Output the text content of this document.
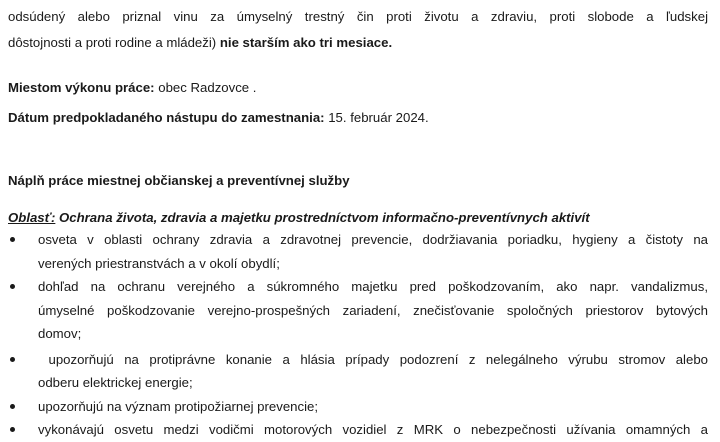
odsúdený alebo priznal vinu za úmyselný trestný čin proti životu a zdraviu, proti slobode a ľudskej

dôstojnosti a proti rodine a mládeži) nie starším ako tri mesiace.

Miestom výkonu práce: obec Radzovce .

Dátum predpokladaného nástupu do zamestnania: 15. február 2024.

Náplň práce miestnej občianskej a preventívnej služby

Oblasť: Ochrana života, zdravia a majetku prostredníctvom informačno-preventívnych aktivít

osveta v oblasti ochrany zdravia a zdravotnej prevencie, dodržiavania poriadku, hygieny a čistoty na
verených priestranstvách a v okolí obydlí;
dohľad na ochranu verejného a súkromného majetku pred poškodzovaním, ako napr. vandalizmus,
úmyselné poškodzovanie verejno-prospešných zariadení, znečisťovanie spoločných priestorov bytových
domov;
upozorňujú na protiprávne konanie a hlásia prípady podozrení z nelegálneho výrubu stromov alebo
odberu elektrickej energie;
upozorňujú na význam protipožiarnej prevencie;
vykonávajú osvetu medzi vodičmi motorových vozidiel z MRK o nebezpečnosti užívania omamných a
